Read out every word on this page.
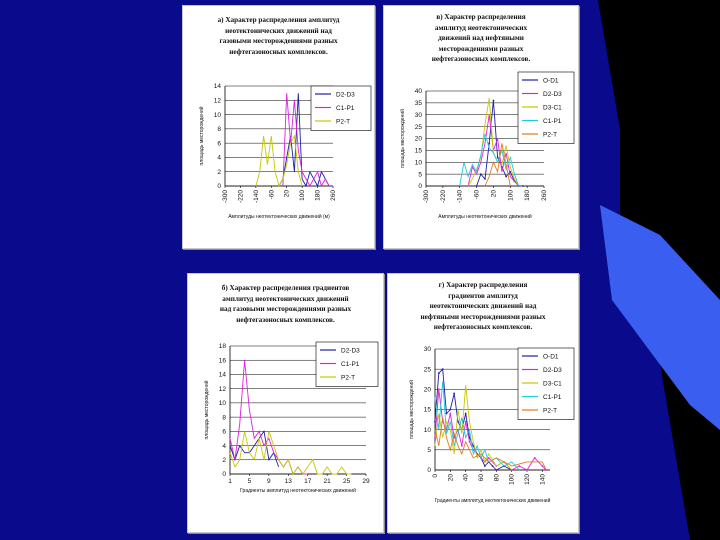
а) Характер распределения амплитуд
неотектонических движений над
газовыми месторождениями разных
нефтегазоносных комплексов.
0
2
4
6
8
10
12
14
-300 -220 -140 -60 20 100 180 260
Амплитуды неотектонических движений (м)
площадь месторождений
D2-D3
C1-P1
P2-T
в) Характер распределения
амплитуд неотектонических
движений над нефтяными
месторождениями разных
нефтегазоносных комплексов.
0
5
10
15
20
25
30
35
40
-300 -220 -140 -60 20 100 180 260
Амплитуды неотектонических движений
площадь месторождений
O-D1
D2-D3
D3-C1
C1-P1
P2-T
б) Характер распределения градиентов
амплитуд неотектонических движений
над газовыми месторождениями разных
нефтегазоносных комплексов.
0
2
4
6
8
10
12
14
16
18
1 5 9 13 17 21 25 29
Градиенты амплитуд неотектонических движений
площадь месторождений
D2-D3
C1-P1
P2-T
г) Характер распределения
градиентов амплитуд
неотектонических движений над
нефтяными месторождениями разных
нефтегазоносных комплексов.
0
5
10
15
20
25
30
0 20 40 60 80 100 120 140
Градиенты амплитуд неотектонических движений
площадь месторождений
O-D1
D2-D3
D3-C1
C1-P1
P2-T
